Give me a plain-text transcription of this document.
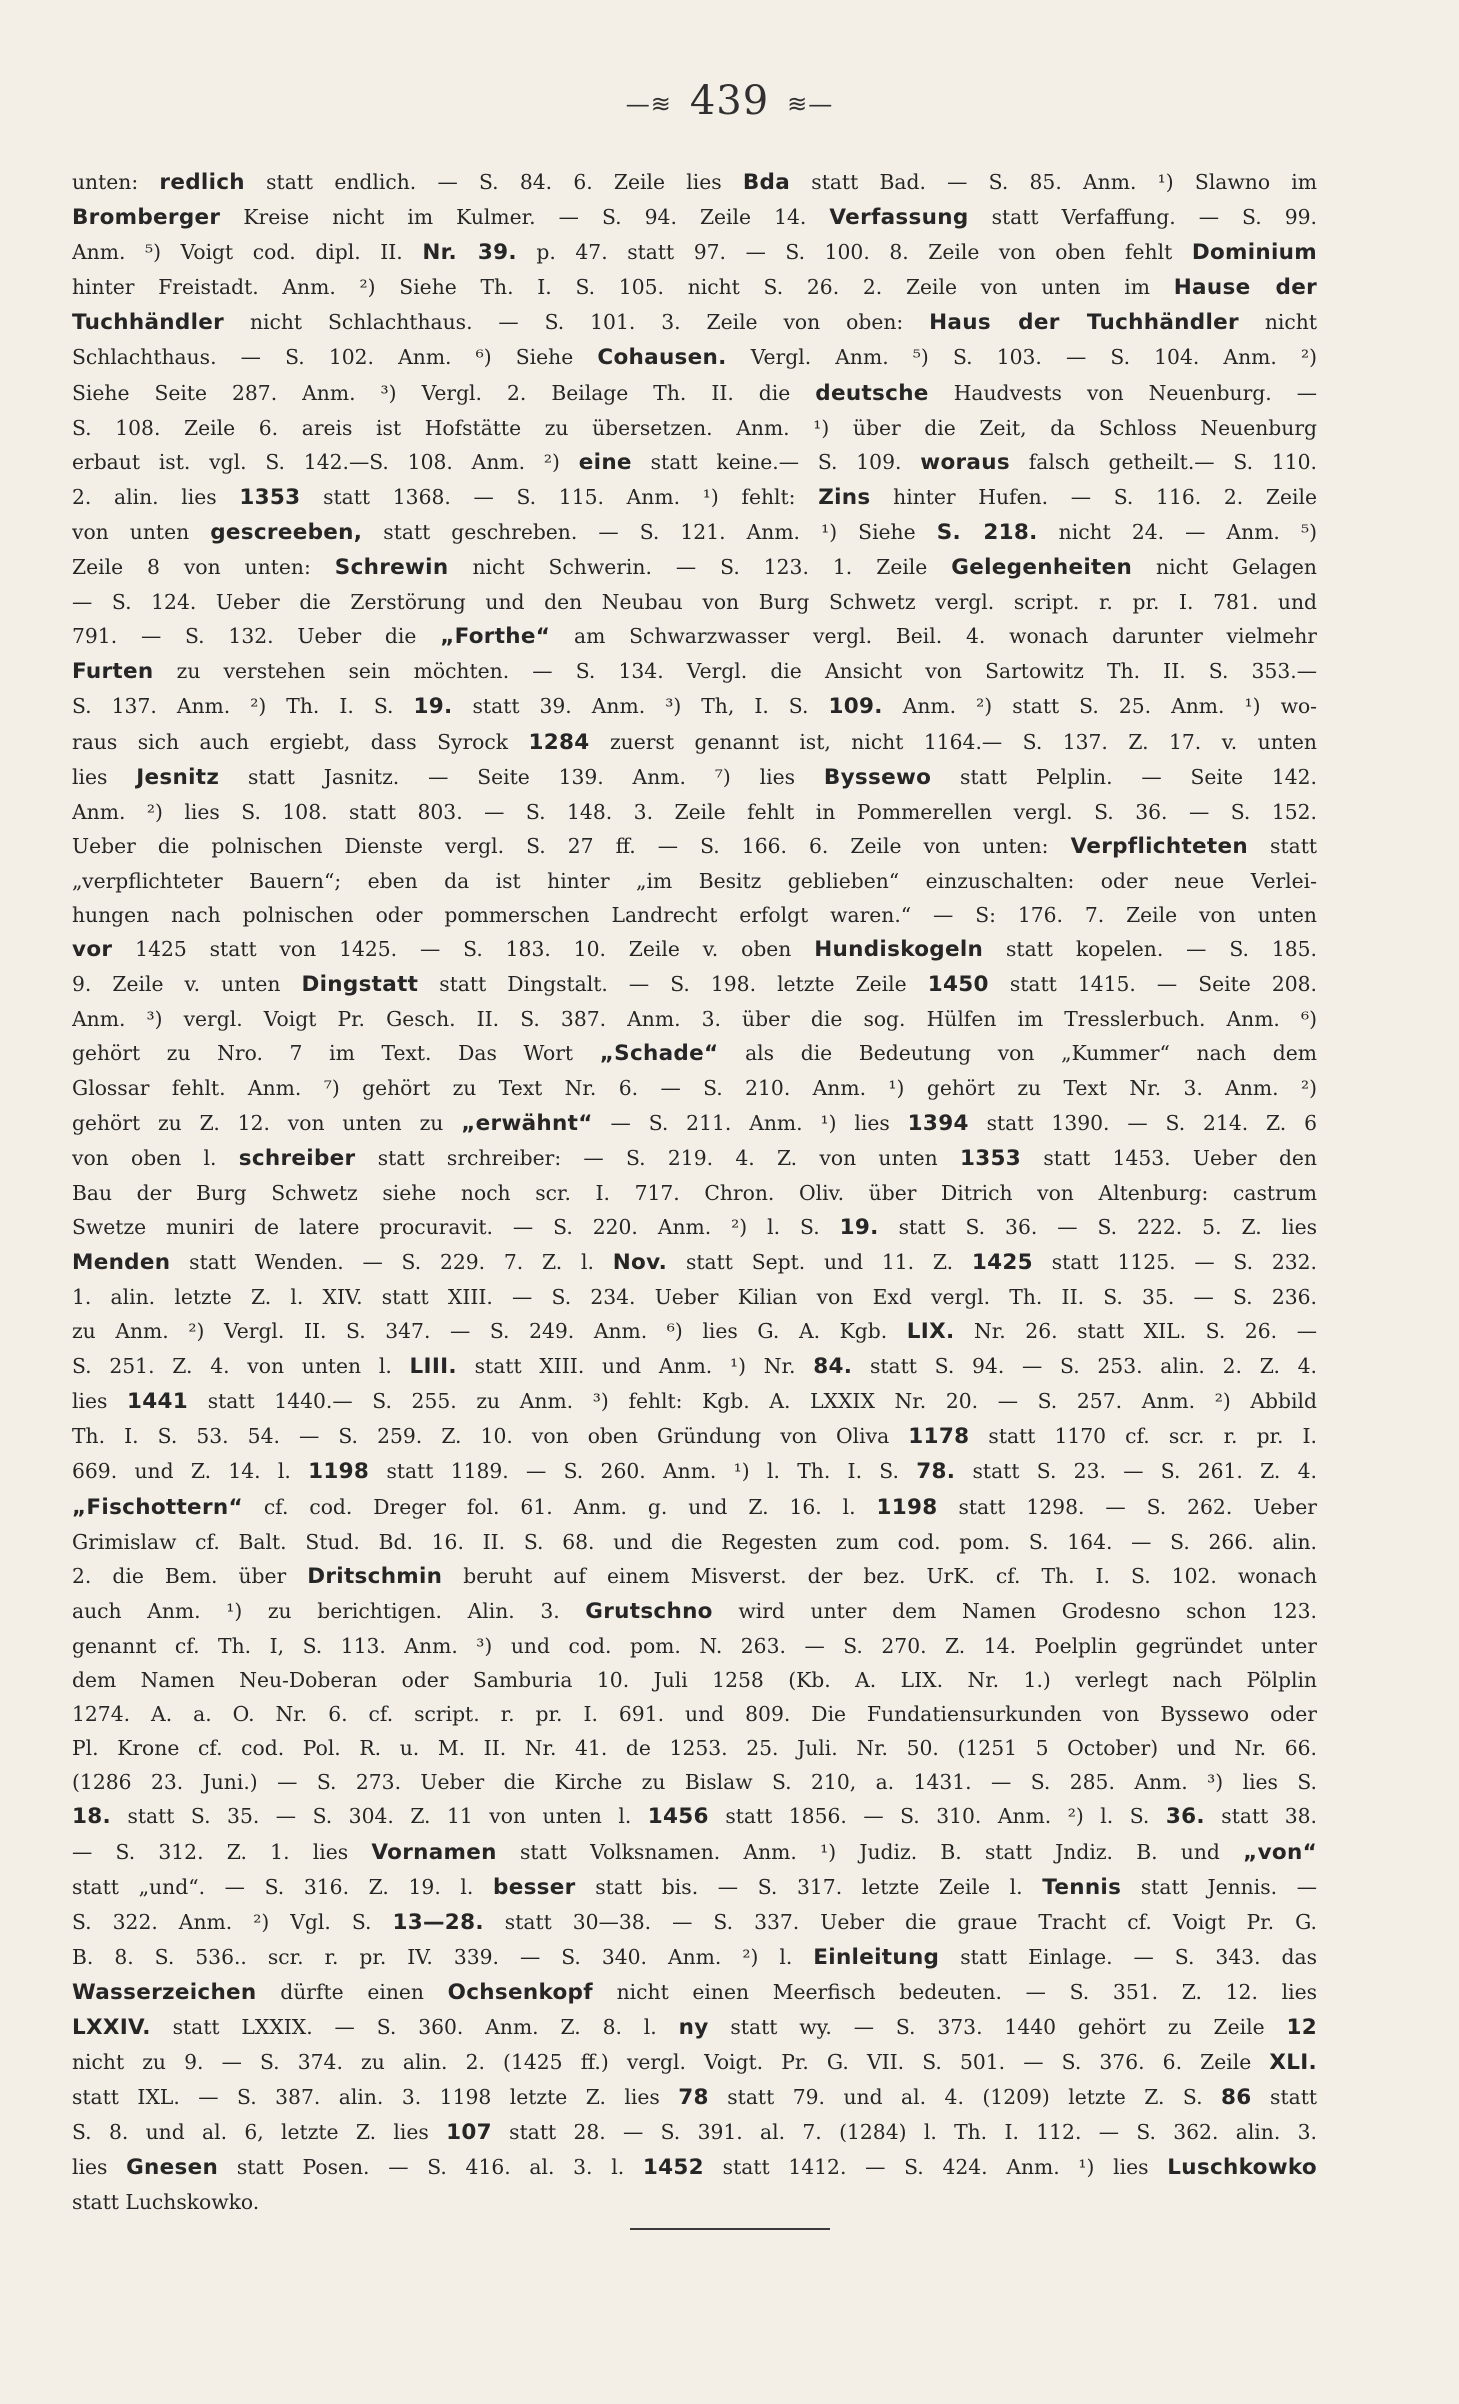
—≋ 439 ≋—
unten: redlich statt endlich. — S. 84. 6. Zeile lies Bda statt Bad. — S. 85. Anm. ¹) Slawno im
Bromberger Kreise nicht im Kulmer. — S. 94. Zeile 14. Verfassung statt Verfaffung. — S. 99.
Anm. ⁵) Voigt cod. dipl. II. Nr. 39. p. 47. statt 97. — S. 100. 8. Zeile von oben fehlt Dominium
hinter Freistadt. Anm. ²) Siehe Th. I. S. 105. nicht S. 26. 2. Zeile von unten im Hause der
Tuchhändler nicht Schlachthaus. — S. 101. 3. Zeile von oben: Haus der Tuchhändler nicht
Schlachthaus. — S. 102. Anm. ⁶) Siehe Cohausen. Vergl. Anm. ⁵) S. 103. — S. 104. Anm. ²)
Siehe Seite 287. Anm. ³) Vergl. 2. Beilage Th. II. die deutsche Haudvests von Neuenburg. —
S. 108. Zeile 6. areis ist Hofstätte zu übersetzen. Anm. ¹) über die Zeit, da Schloss Neuenburg
erbaut ist. vgl. S. 142.—S. 108. Anm. ²) eine statt keine.— S. 109. woraus falsch getheilt.— S. 110.
2. alin. lies 1353 statt 1368. — S. 115. Anm. ¹) fehlt: Zins hinter Hufen. — S. 116. 2. Zeile
von unten gescreeben, statt geschreben. — S. 121. Anm. ¹) Siehe S. 218. nicht 24. — Anm. ⁵)
Zeile 8 von unten: Schrewin nicht Schwerin. — S. 123. 1. Zeile Gelegenheiten nicht Gelagen
— S. 124. Ueber die Zerstörung und den Neubau von Burg Schwetz vergl. script. r. pr. I. 781. und
791. — S. 132. Ueber die „Forthe“ am Schwarzwasser vergl. Beil. 4. wonach darunter vielmehr
Furten zu verstehen sein möchten. — S. 134. Vergl. die Ansicht von Sartowitz Th. II. S. 353.—
S. 137. Anm. ²) Th. I. S. 19. statt 39. Anm. ³) Th, I. S. 109. Anm. ²) statt S. 25. Anm. ¹) wo-
raus sich auch ergiebt, dass Syrock 1284 zuerst genannt ist, nicht 1164.— S. 137. Z. 17. v. unten
lies Jesnitz statt Jasnitz. — Seite 139. Anm. ⁷) lies Byssewo statt Pelplin. — Seite 142.
Anm. ²) lies S. 108. statt 803. — S. 148. 3. Zeile fehlt in Pommerellen vergl. S. 36. — S. 152.
Ueber die polnischen Dienste vergl. S. 27 ff. — S. 166. 6. Zeile von unten: Verpflichteten statt
„verpflichteter Bauern“; eben da ist hinter „im Besitz geblieben“ einzuschalten: oder neue Verlei-
hungen nach polnischen oder pommerschen Landrecht erfolgt waren.“ — S: 176. 7. Zeile von unten
vor 1425 statt von 1425. — S. 183. 10. Zeile v. oben Hundiskogeln statt kopelen. — S. 185.
9. Zeile v. unten Dingstatt statt Dingstalt. — S. 198. letzte Zeile 1450 statt 1415. — Seite 208.
Anm. ³) vergl. Voigt Pr. Gesch. II. S. 387. Anm. 3. über die sog. Hülfen im Tresslerbuch. Anm. ⁶)
gehört zu Nro. 7 im Text. Das Wort „Schade“ als die Bedeutung von „Kummer“ nach dem
Glossar fehlt. Anm. ⁷) gehört zu Text Nr. 6. — S. 210. Anm. ¹) gehört zu Text Nr. 3. Anm. ²)
gehört zu Z. 12. von unten zu „erwähnt“ — S. 211. Anm. ¹) lies 1394 statt 1390. — S. 214. Z. 6
von oben l. schreiber statt srchreiber: — S. 219. 4. Z. von unten 1353 statt 1453. Ueber den
Bau der Burg Schwetz siehe noch scr. I. 717. Chron. Oliv. über Ditrich von Altenburg: castrum
Swetze muniri de latere procuravit. — S. 220. Anm. ²) l. S. 19. statt S. 36. — S. 222. 5. Z. lies
Menden statt Wenden. — S. 229. 7. Z. l. Nov. statt Sept. und 11. Z. 1425 statt 1125. — S. 232.
1. alin. letzte Z. l. XIV. statt XIII. — S. 234. Ueber Kilian von Exd vergl. Th. II. S. 35. — S. 236.
zu Anm. ²) Vergl. II. S. 347. — S. 249. Anm. ⁶) lies G. A. Kgb. LIX. Nr. 26. statt XIL. S. 26. —
S. 251. Z. 4. von unten l. LIII. statt XIII. und Anm. ¹) Nr. 84. statt S. 94. — S. 253. alin. 2. Z. 4.
lies 1441 statt 1440.— S. 255. zu Anm. ³) fehlt: Kgb. A. LXXIX Nr. 20. — S. 257. Anm. ²) Abbild
Th. I. S. 53. 54. — S. 259. Z. 10. von oben Gründung von Oliva 1178 statt 1170 cf. scr. r. pr. I.
669. und Z. 14. l. 1198 statt 1189. — S. 260. Anm. ¹) l. Th. I. S. 78. statt S. 23. — S. 261. Z. 4.
„Fischottern“ cf. cod. Dreger fol. 61. Anm. g. und Z. 16. l. 1198 statt 1298. — S. 262. Ueber
Grimislaw cf. Balt. Stud. Bd. 16. II. S. 68. und die Regesten zum cod. pom. S. 164. — S. 266. alin.
2. die Bem. über Dritschmin beruht auf einem Misverst. der bez. UrK. cf. Th. I. S. 102. wonach
auch Anm. ¹) zu berichtigen. Alin. 3. Grutschno wird unter dem Namen Grodesno schon 123.
genannt cf. Th. I, S. 113. Anm. ³) und cod. pom. N. 263. — S. 270. Z. 14. Poelplin gegründet unter
dem Namen Neu-Doberan oder Samburia 10. Juli 1258 (Kb. A. LIX. Nr. 1.) verlegt nach Pölplin
1274. A. a. O. Nr. 6. cf. script. r. pr. I. 691. und 809. Die Fundatiensurkunden von Byssewo oder
Pl. Krone cf. cod. Pol. R. u. M. II. Nr. 41. de 1253. 25. Juli. Nr. 50. (1251 5 October) und Nr. 66.
(1286 23. Juni.) — S. 273. Ueber die Kirche zu Bislaw S. 210, a. 1431. — S. 285. Anm. ³) lies S.
18. statt S. 35. — S. 304. Z. 11 von unten l. 1456 statt 1856. — S. 310. Anm. ²) l. S. 36. statt 38.
— S. 312. Z. 1. lies Vornamen statt Volksnamen. Anm. ¹) Judiz. B. statt Jndiz. B. und „von“
statt „und“. — S. 316. Z. 19. l. besser statt bis. — S. 317. letzte Zeile l. Tennis statt Jennis. —
S. 322. Anm. ²) Vgl. S. 13—28. statt 30—38. — S. 337. Ueber die graue Tracht cf. Voigt Pr. G.
B. 8. S. 536.. scr. r. pr. IV. 339. — S. 340. Anm. ²) l. Einleitung statt Einlage. — S. 343. das
Wasserzeichen dürfte einen Ochsenkopf nicht einen Meerfisch bedeuten. — S. 351. Z. 12. lies
LXXIV. statt LXXIX. — S. 360. Anm. Z. 8. l. ny statt wy. — S. 373. 1440 gehört zu Zeile 12
nicht zu 9. — S. 374. zu alin. 2. (1425 ff.) vergl. Voigt. Pr. G. VII. S. 501. — S. 376. 6. Zeile XLI.
statt IXL. — S. 387. alin. 3. 1198 letzte Z. lies 78 statt 79. und al. 4. (1209) letzte Z. S. 86 statt
S. 8. und al. 6, letzte Z. lies 107 statt 28. — S. 391. al. 7. (1284) l. Th. I. 112. — S. 362. alin. 3.
lies Gnesen statt Posen. — S. 416. al. 3. l. 1452 statt 1412. — S. 424. Anm. ¹) lies Luschkowko
statt Luchskowko.
